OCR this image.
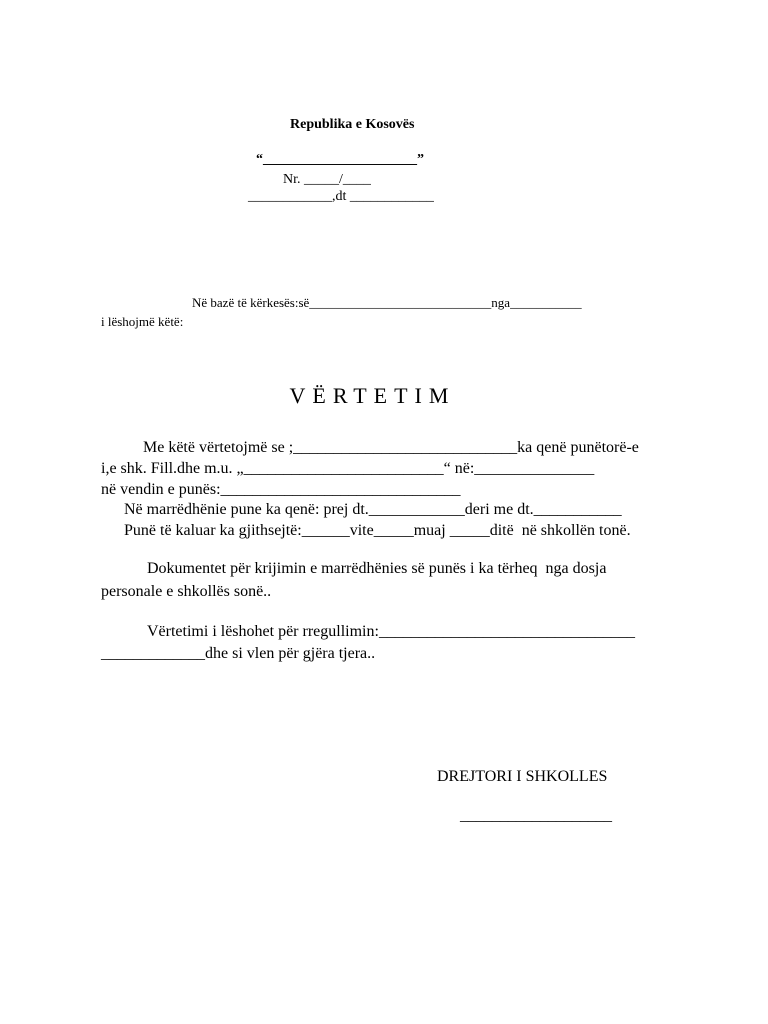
Republika e Kosovës
“______________________”
Nr. _____/____
____________,dt ____________
Në bazë të kërkesës:së____________________________nga___________
i lëshojmë këtë:
VËRTETIM
Me këtë vërtetojmë se ;____________________________ka qenë punëtorë-e
i,e shk. Fill.dhe m.u. „_________________________“ në:_______________
në vendin e punës:______________________________
Në marrëdhënie pune ka qenë: prej dt.____________deri me dt.___________
Punë të kaluar ka gjithsejtë:______vite_____muaj _____ditë  në shkollën tonë.
Dokumentet për krijimin e marrëdhënies së punës i ka tërheq  nga dosja
personale e shkollës sonë..
Vërtetimi i lëshohet për rregullimin:________________________________
_____________dhe si vlen për gjëra tjera..
DREJTORI I SHKOLLES
___________________
